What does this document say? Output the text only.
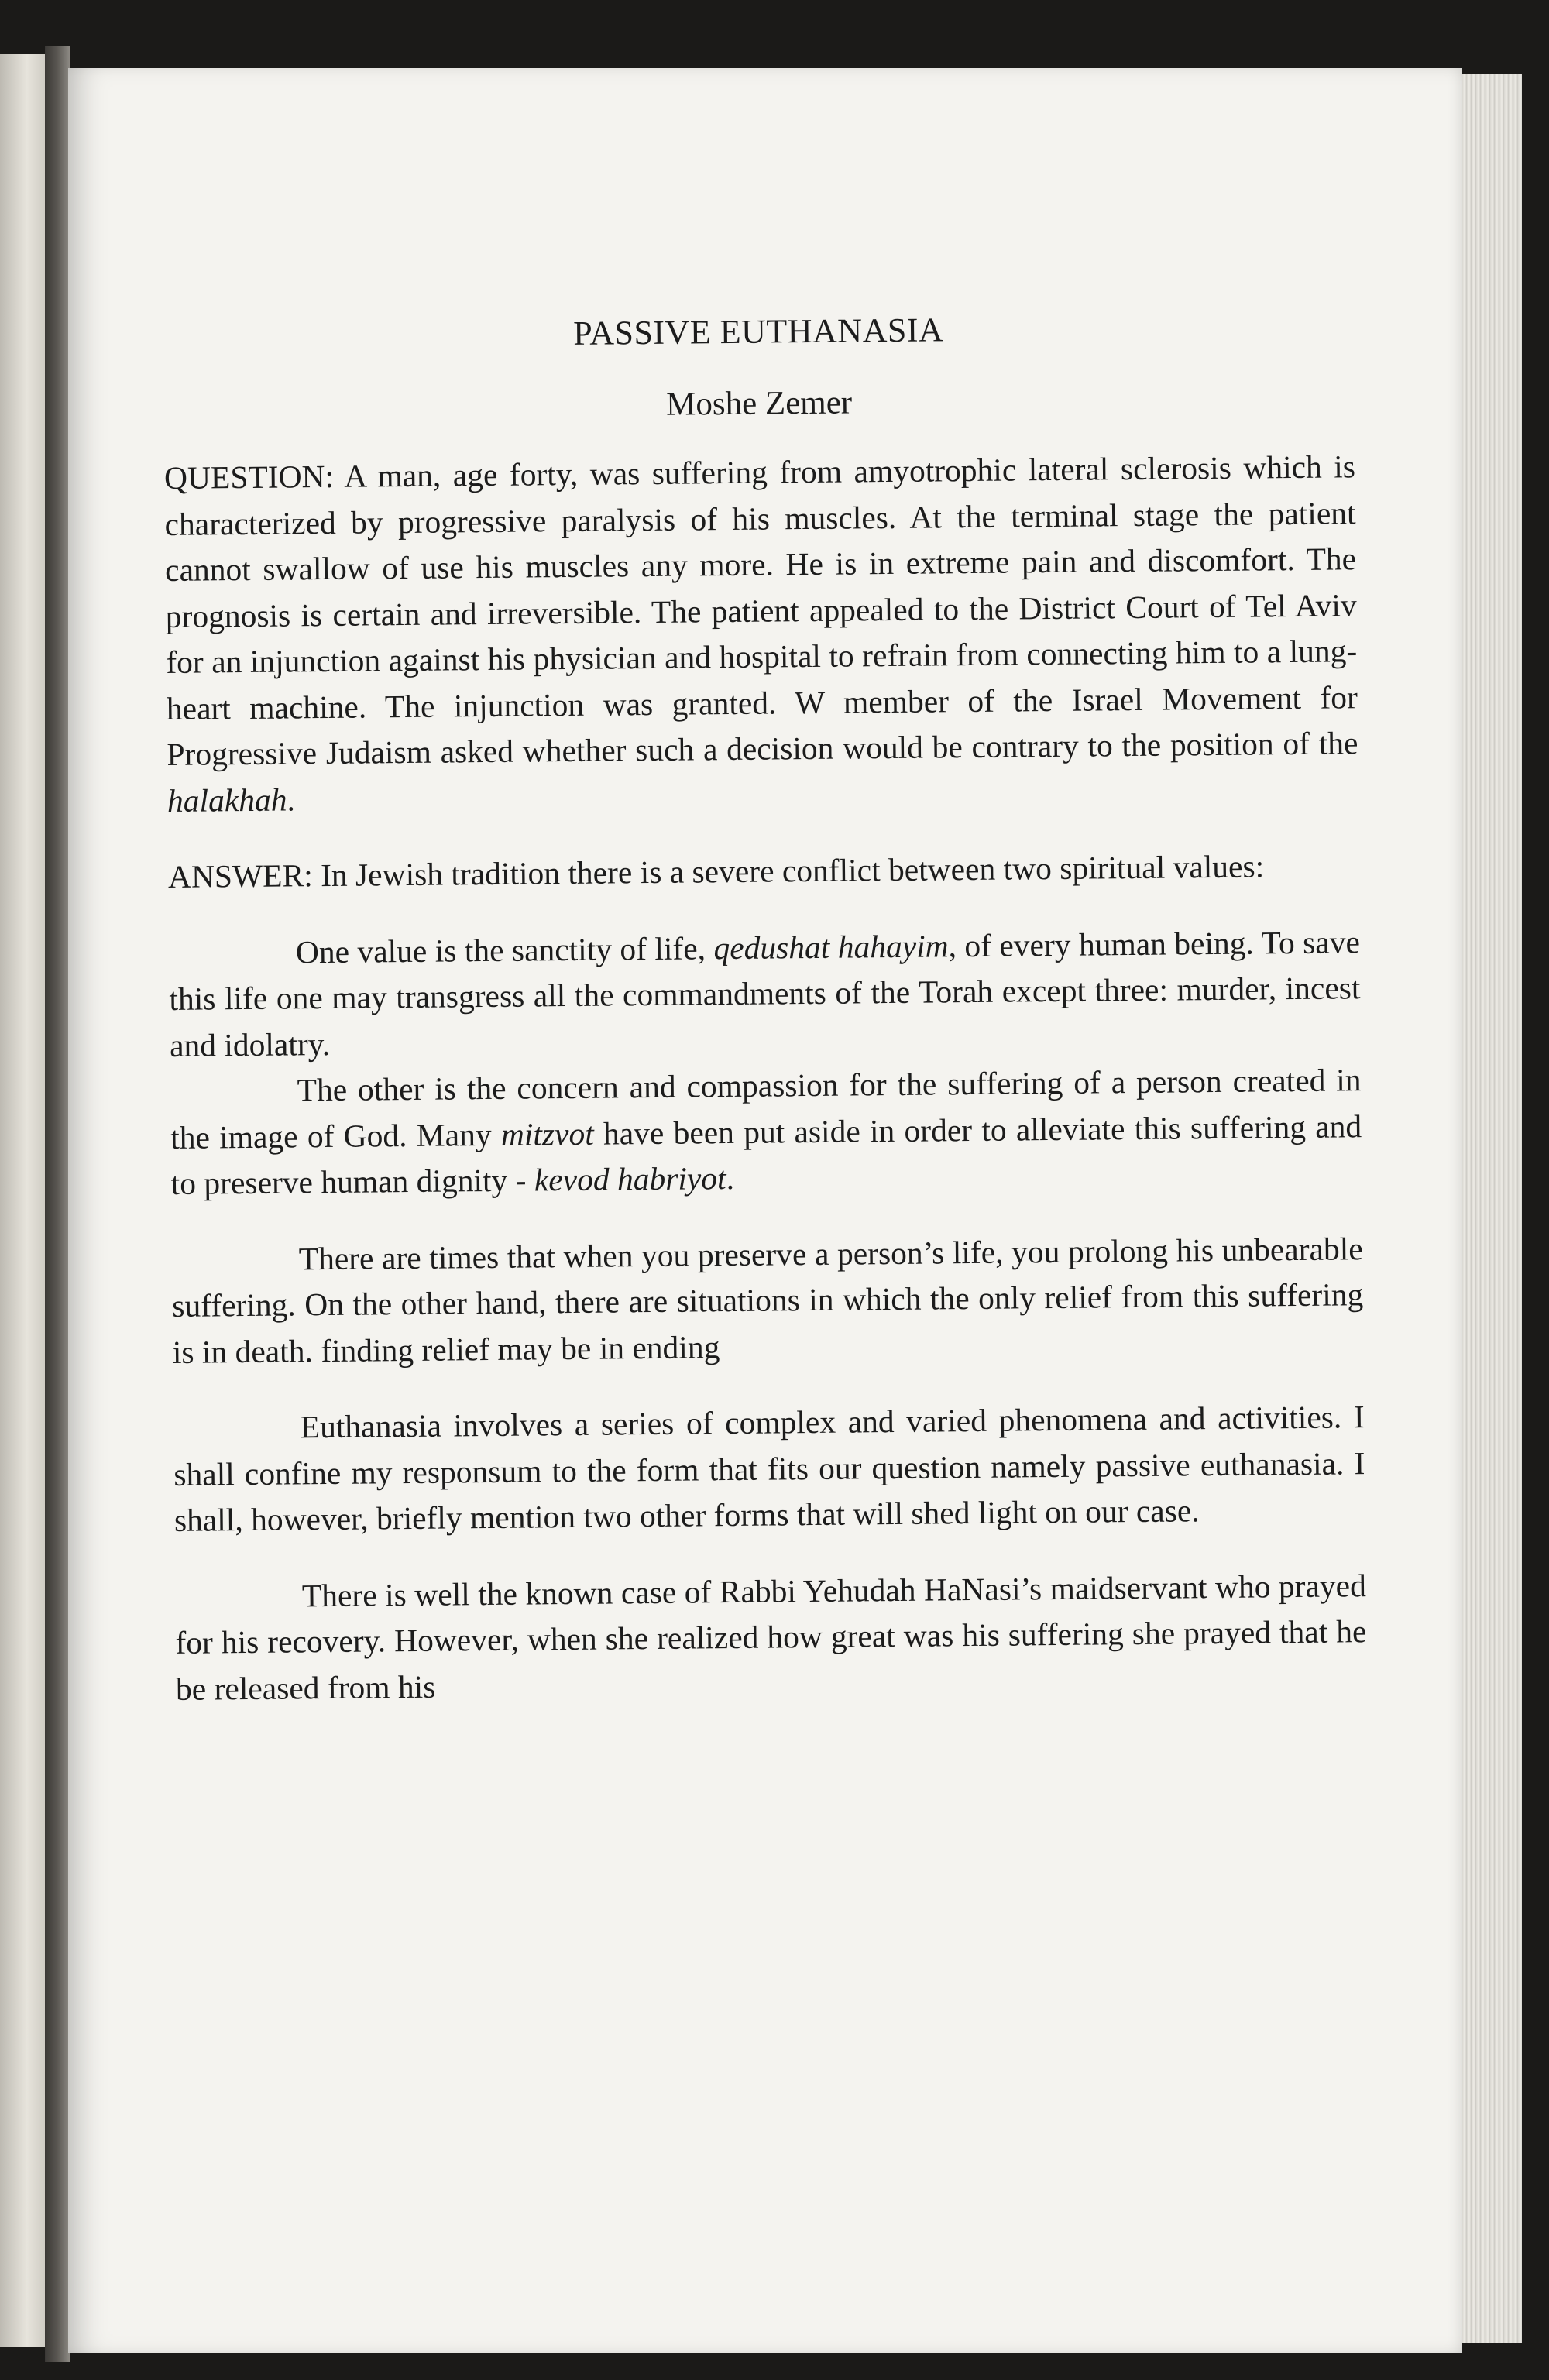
PASSIVE EUTHANASIA
Moshe Zemer

QUESTION: A man, age forty, was suffering from amyotrophic lateral sclerosis which is characterized by progressive paralysis of his muscles. At the terminal stage the patient cannot swallow of use his muscles any more. He is in extreme pain and discomfort. The prognosis is certain and irreversible. The patient appealed to the District Court of Tel Aviv for an injunction against his physician and hospital to refrain from connecting him to a lung-heart machine. The injunction was granted. W member of the Israel Movement for Progressive Judaism asked whether such a decision would be contrary to the position of the halakhah.

ANSWER: In Jewish tradition there is a severe conflict between two spiritual values:

One value is the sanctity of life, qedushat hahayim, of every human being. To save this life one may transgress all the commandments of the Torah except three: murder, incest and idolatry.

The other is the concern and compassion for the suffering of a person created in the image of God. Many mitzvot have been put aside in order to alleviate this suffering and to preserve human dignity - kevod habriyot.

There are times that when you preserve a person’s life, you prolong his unbearable suffering. On the other hand, there are situations in which the only relief from this suffering is in death. finding relief may be in ending

Euthanasia involves a series of complex and varied phenomena and activities. I shall confine my responsum to the form that fits our question namely passive euthanasia. I shall, however, briefly mention two other forms that will shed light on our case.

There is well the known case of Rabbi Yehudah HaNasi’s maidservant who prayed for his recovery. However, when she realized how great was his suffering she prayed that he be released from his
